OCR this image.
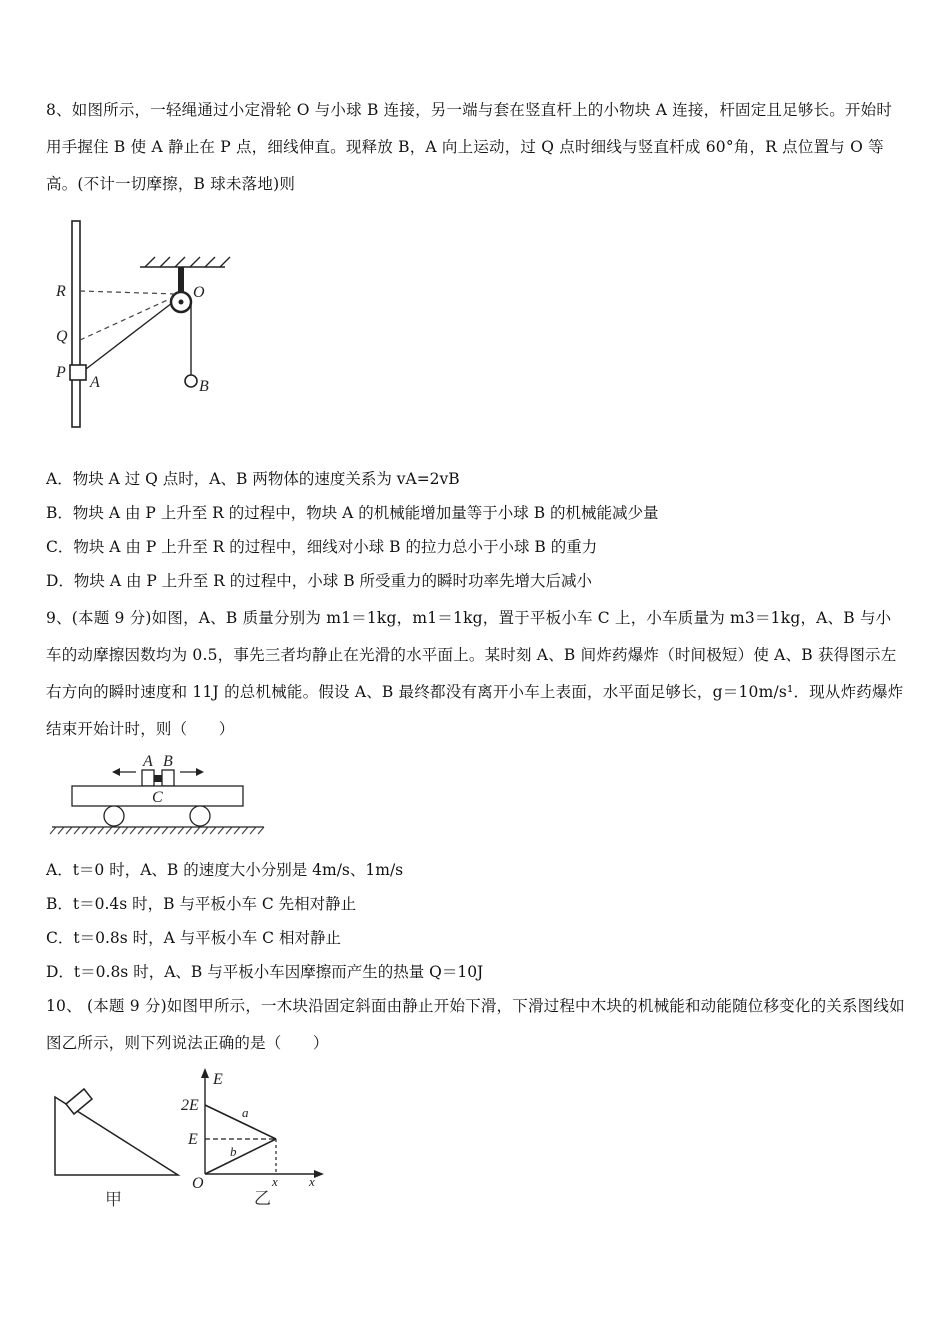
8、如图所示，一轻绳通过小定滑轮 O 与小球 B 连接，另一端与套在竖直杆上的小物块 A 连接，杆固定且足够长。开始时用手握住 B 使 A 静止在 P 点，细线伸直。现释放 B，A 向上运动，过 Q 点时细线与竖直杆成 60°角，R 点位置与 O 等高。(不计一切摩擦，B 球未落地)则
R
Q
P
A
O
B
A．物块 A 过 Q 点时，A、B 两物体的速度关系为 vA=2vB
B．物块 A 由 P 上升至 R 的过程中，物块 A 的机械能增加量等于小球 B 的机械能减少量
C．物块 A 由 P 上升至 R 的过程中，细线对小球 B 的拉力总小于小球 B 的重力
D．物块 A 由 P 上升至 R 的过程中，小球 B 所受重力的瞬时功率先增大后减小
9、(本题 9 分)如图，A、B 质量分别为 m1＝1kg，m1＝1kg，置于平板小车 C 上，小车质量为 m3＝1kg，A、B 与小车的动摩擦因数均为 0.5，事先三者均静止在光滑的水平面上。某时刻 A、B 间炸药爆炸（时间极短）使 A、B 获得图示左右方向的瞬时速度和 11J 的总机械能。假设 A、B 最终都没有离开小车上表面，水平面足够长，g＝10m/s¹．现从炸药爆炸结束开始计时，则（　　）
A B
C
A．t＝0 时，A、B 的速度大小分别是 4m/s、1m/s
B．t＝0.4s 时，B 与平板小车 C 先相对静止
C．t＝0.8s 时，A 与平板小车 C 相对静止
D．t＝0.8s 时，A、B 与平板小车因摩擦而产生的热量 Q＝10J
10、 (本题 9 分)如图甲所示，一木块沿固定斜面由静止开始下滑，下滑过程中木块的机械能和动能随位移变化的关系图线如图乙所示，则下列说法正确的是（　　）
甲
E
2E
E
O	x x
a
b
乙
